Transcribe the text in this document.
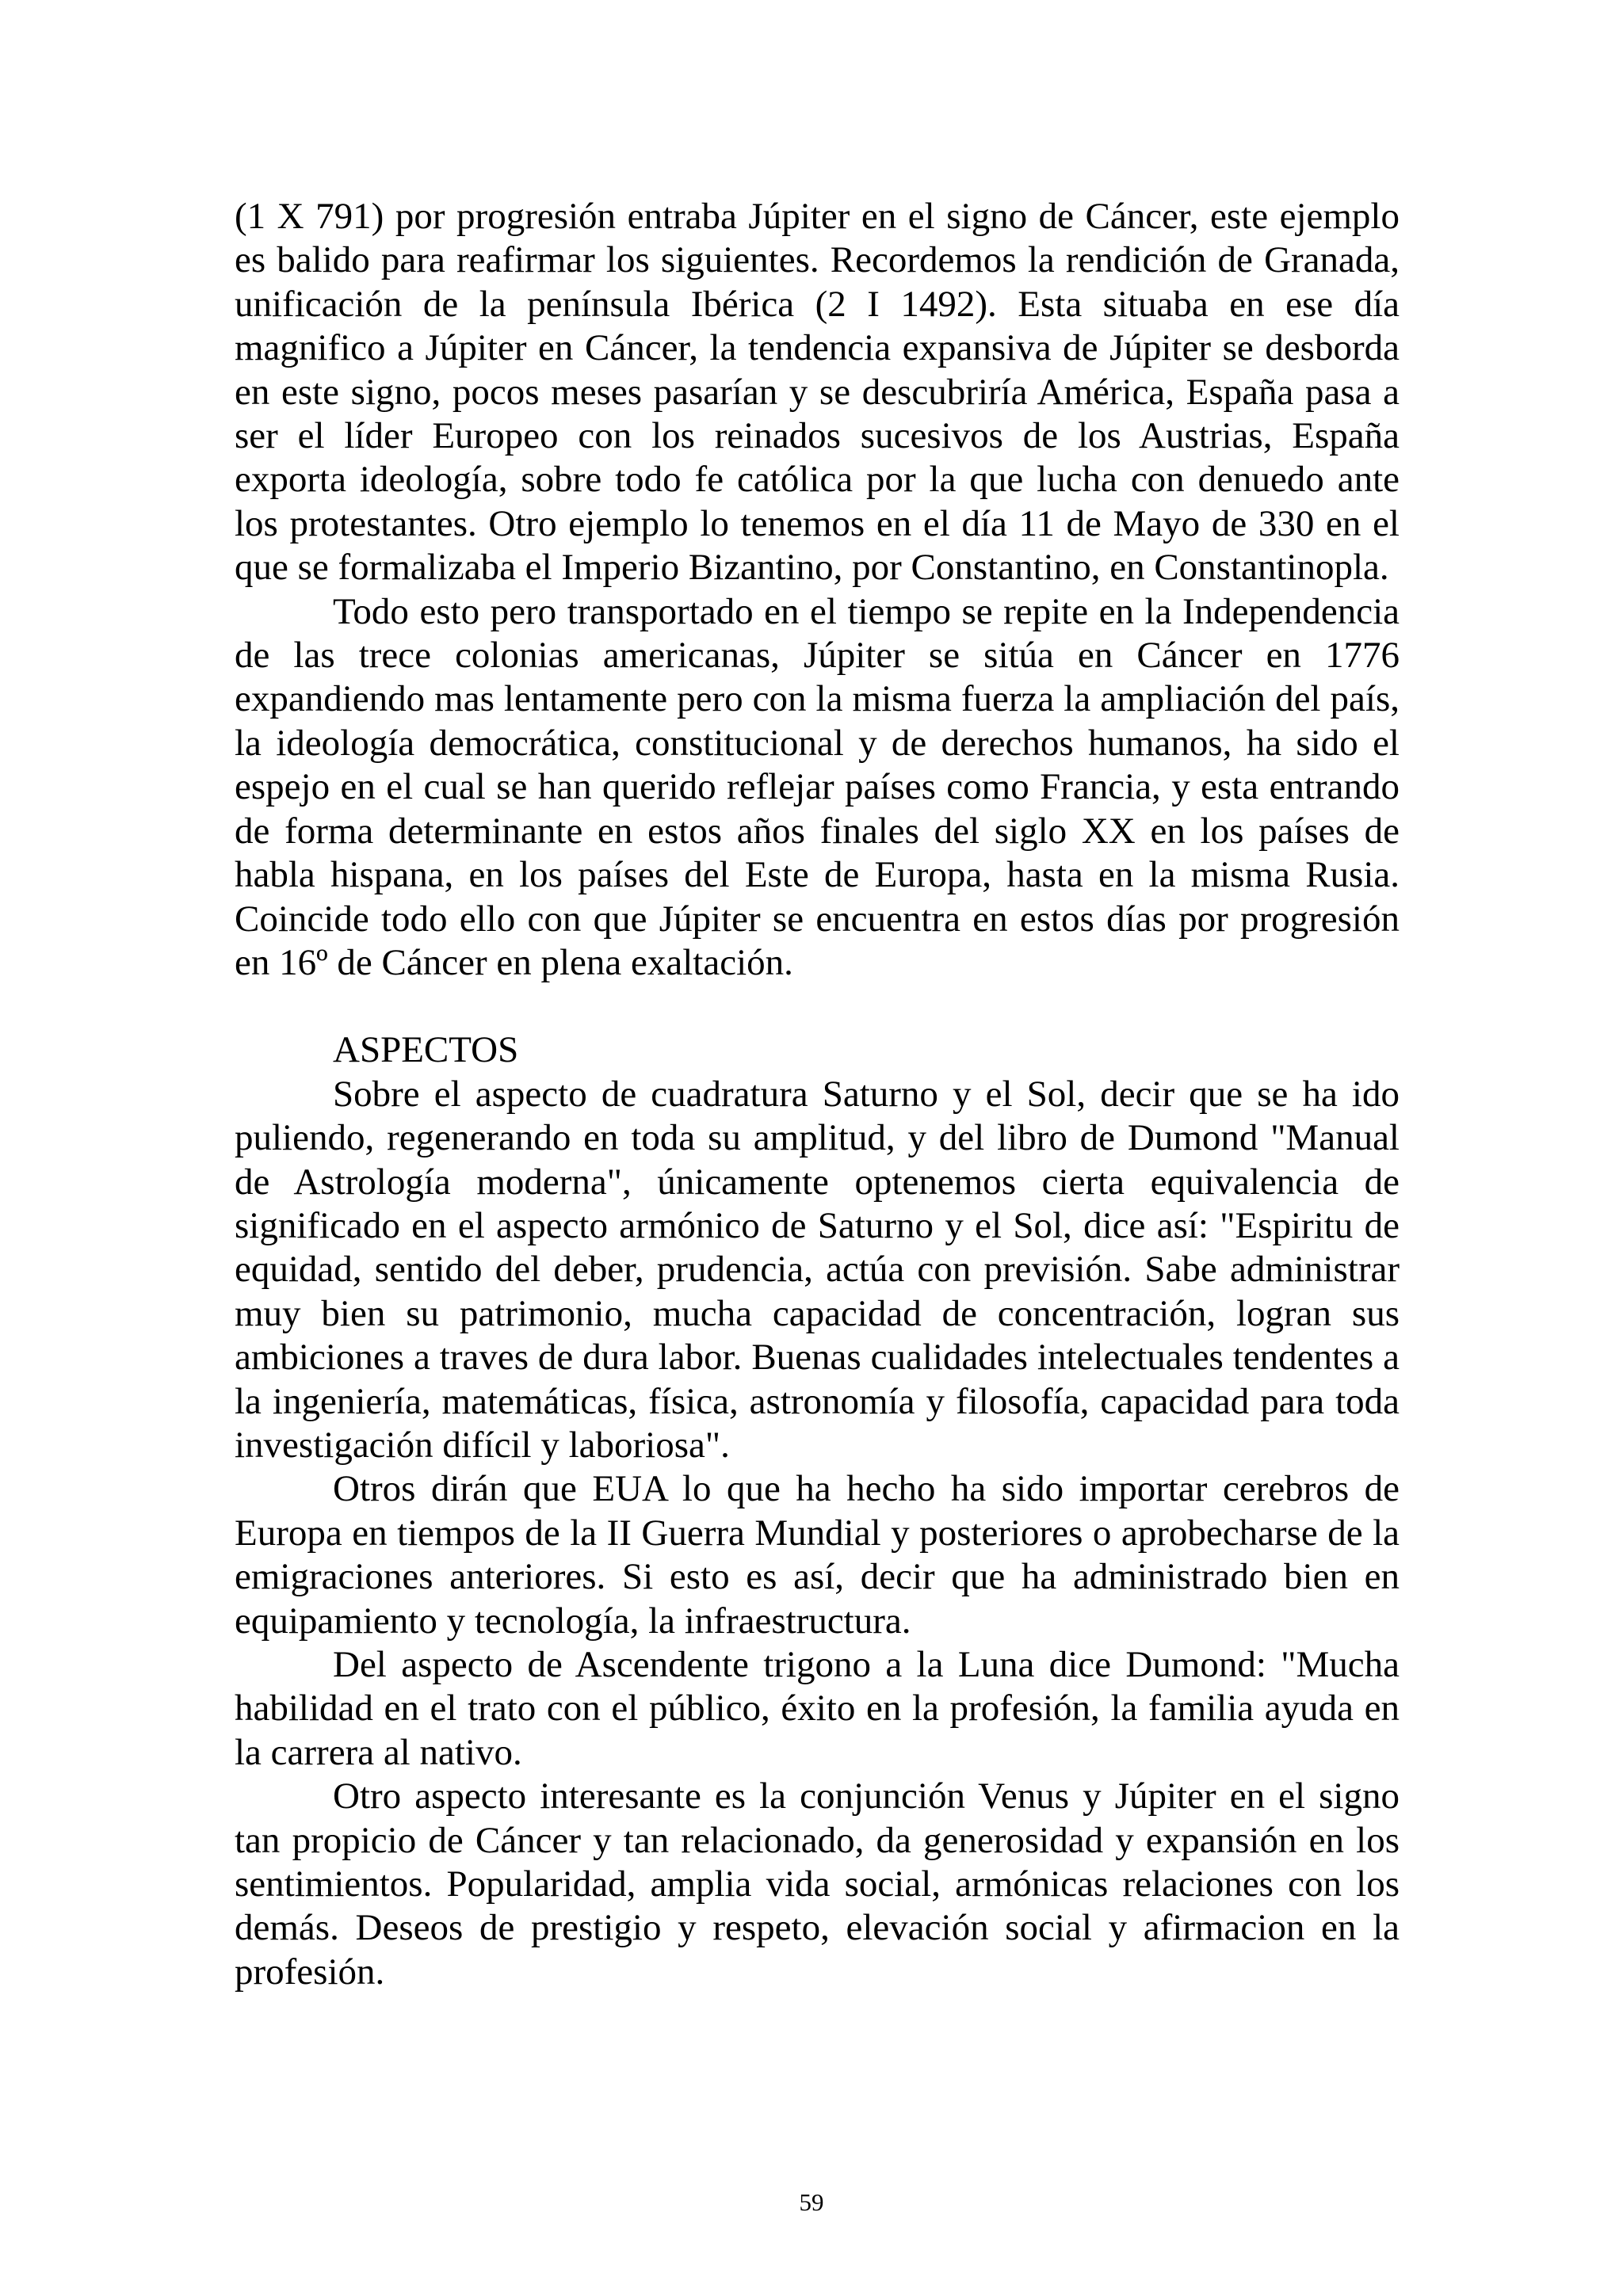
(1 X 791) por progresión entraba Júpiter en el signo de Cáncer, este ejemplo es balido para reafirmar los siguientes. Recordemos la rendición de Granada, unificación de la península Ibérica (2 I 1492). Esta situaba en ese día magnifico a Júpiter en Cáncer, la tendencia expansiva de Júpiter se desborda en este signo, pocos meses pasarían y se descubriría América, España pasa a ser el líder Europeo con los reinados sucesivos de los Austrias, España exporta ideología, sobre todo fe católica por la que lucha con denuedo ante los protestantes. Otro ejemplo lo tenemos en el día 11 de Mayo de 330 en el que se formalizaba el Imperio Bizantino, por Constantino, en Constantinopla.

Todo esto pero transportado en el tiempo se repite en la Independencia de las trece colonias americanas, Júpiter se sitúa en Cáncer en 1776 expandiendo mas lentamente pero con la misma fuerza la ampliación del país, la ideología democrática, constitucional y de derechos humanos, ha sido el espejo en el cual se han querido reflejar países como Francia, y esta entrando de forma determinante en estos años finales del siglo XX en los países de habla hispana, en los países del Este de Europa, hasta en la misma Rusia. Coincide todo ello con que Júpiter se encuentra en estos días por progresión en 16º de Cáncer en plena exaltación.

ASPECTOS

Sobre el aspecto de cuadratura Saturno y el Sol, decir que se ha ido puliendo, regenerando en toda su amplitud, y del libro de Dumond "Manual de Astrología moderna", únicamente optenemos cierta equivalencia de significado en el aspecto armónico de Saturno y el Sol, dice así: "Espiritu de equidad, sentido del deber, prudencia, actúa con previsión. Sabe administrar muy bien su patrimonio, mucha capacidad de concentración, logran sus ambiciones a traves de dura labor. Buenas cualidades intelectuales tendentes a la ingeniería, matemáticas, física, astronomía y filosofía, capacidad para toda investigación difícil y laboriosa".

Otros dirán que EUA lo que ha hecho ha sido importar cerebros de Europa en tiempos de la II Guerra Mundial y posteriores o aprobecharse de la emigraciones anteriores. Si esto es así, decir que ha administrado bien en equipamiento y tecnología, la infraestructura.

Del aspecto de Ascendente trigono a la Luna dice Dumond: "Mucha habilidad en el trato con el público, éxito en la profesión, la familia ayuda en la carrera al nativo.

Otro aspecto interesante es la conjunción Venus y Júpiter en el signo tan propicio de Cáncer y tan relacionado, da generosidad y expansión en los sentimientos. Popularidad, amplia vida social, armónicas relaciones con los demás. Deseos de prestigio y respeto, elevación social y afirmacion en la profesión.

59
